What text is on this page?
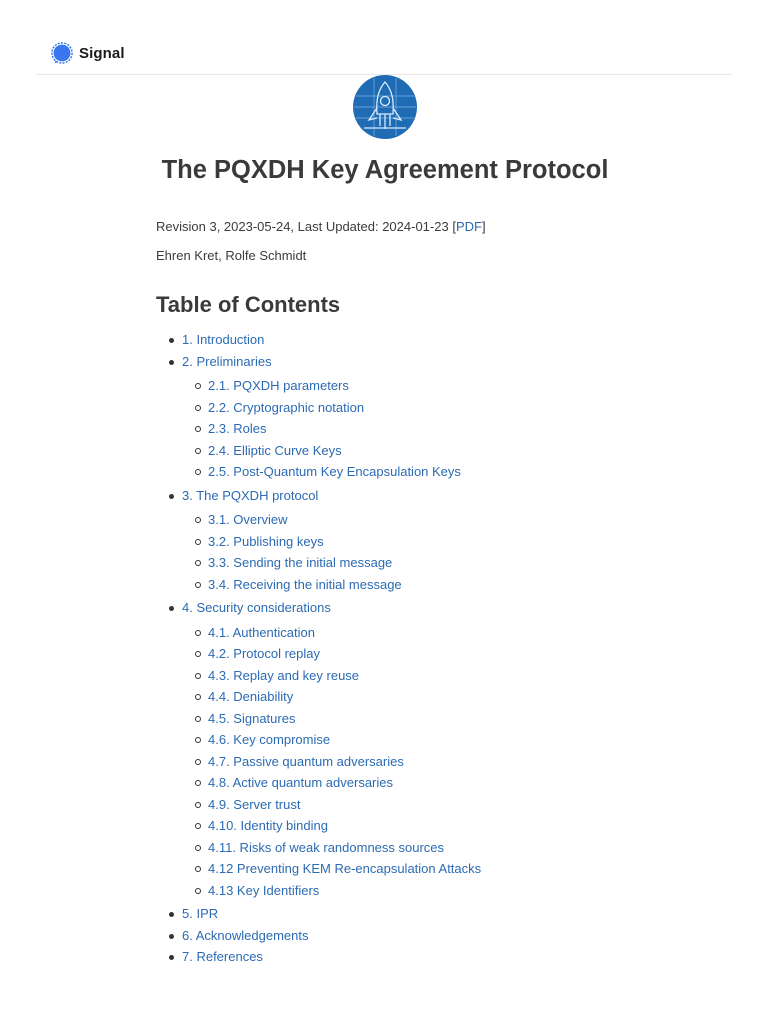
Signal
The PQXDH Key Agreement Protocol
Revision 3, 2023-05-24, Last Updated: 2024-01-23 [PDF]
Ehren Kret, Rolfe Schmidt
Table of Contents
1. Introduction
2. Preliminaries
2.1. PQXDH parameters
2.2. Cryptographic notation
2.3. Roles
2.4. Elliptic Curve Keys
2.5. Post-Quantum Key Encapsulation Keys
3. The PQXDH protocol
3.1. Overview
3.2. Publishing keys
3.3. Sending the initial message
3.4. Receiving the initial message
4. Security considerations
4.1. Authentication
4.2. Protocol replay
4.3. Replay and key reuse
4.4. Deniability
4.5. Signatures
4.6. Key compromise
4.7. Passive quantum adversaries
4.8. Active quantum adversaries
4.9. Server trust
4.10. Identity binding
4.11. Risks of weak randomness sources
4.12 Preventing KEM Re-encapsulation Attacks
4.13 Key Identifiers
5. IPR
6. Acknowledgements
7. References
